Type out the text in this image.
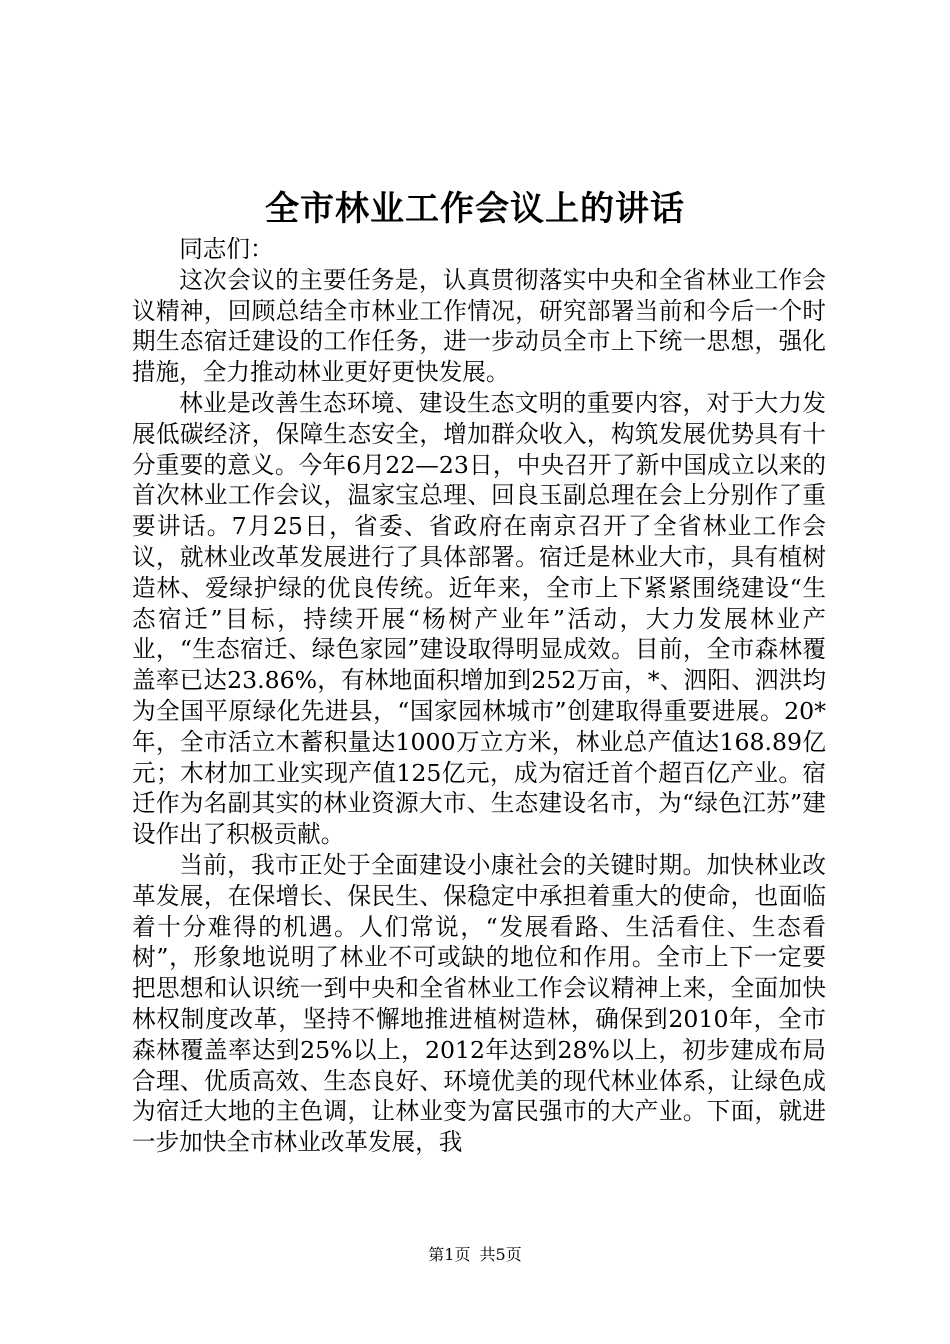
全市林业工作会议上的讲话

同志们：

这次会议的主要任务是，认真贯彻落实中央和全省林业工作会议精神，回顾总结全市林业工作情况，研究部署当前和今后一个时期生态宿迁建设的工作任务，进一步动员全市上下统一思想，强化措施，全力推动林业更好更快发展。

林业是改善生态环境、建设生态文明的重要内容，对于大力发展低碳经济，保障生态安全，增加群众收入，构筑发展优势具有十分重要的意义。今年6月22—23日，中央召开了新中国成立以来的首次林业工作会议，温家宝总理、回良玉副总理在会上分别作了重要讲话。7月25日，省委、省政府在南京召开了全省林业工作会议，就林业改革发展进行了具体部署。宿迁是林业大市，具有植树造林、爱绿护绿的优良传统。近年来，全市上下紧紧围绕建设“生态宿迁”目标，持续开展“杨树产业年”活动，大力发展林业产业，“生态宿迁、绿色家园”建设取得明显成效。目前，全市森林覆盖率已达23.86%，有林地面积增加到252万亩，*、泗阳、泗洪均为全国平原绿化先进县，“国家园林城市”创建取得重要进展。20*年，全市活立木蓄积量达1000万立方米，林业总产值达168.89亿元；木材加工业实现产值125亿元，成为宿迁首个超百亿产业。宿迁作为名副其实的林业资源大市、生态建设名市，为“绿色江苏”建设作出了积极贡献。

当前，我市正处于全面建设小康社会的关键时期。加快林业改革发展，在保增长、保民生、保稳定中承担着重大的使命，也面临着十分难得的机遇。人们常说，“发展看路、生活看住、生态看树”，形象地说明了林业不可或缺的地位和作用。全市上下一定要把思想和认识统一到中央和全省林业工作会议精神上来，全面加快林权制度改革，坚持不懈地推进植树造林，确保到2010年，全市森林覆盖率达到25%以上，2012年达到28%以上，初步建成布局合理、优质高效、生态良好、环境优美的现代林业体系，让绿色成为宿迁大地的主色调，让林业变为富民强市的大产业。下面，就进一步加快全市林业改革发展，我

第1页 共5页
